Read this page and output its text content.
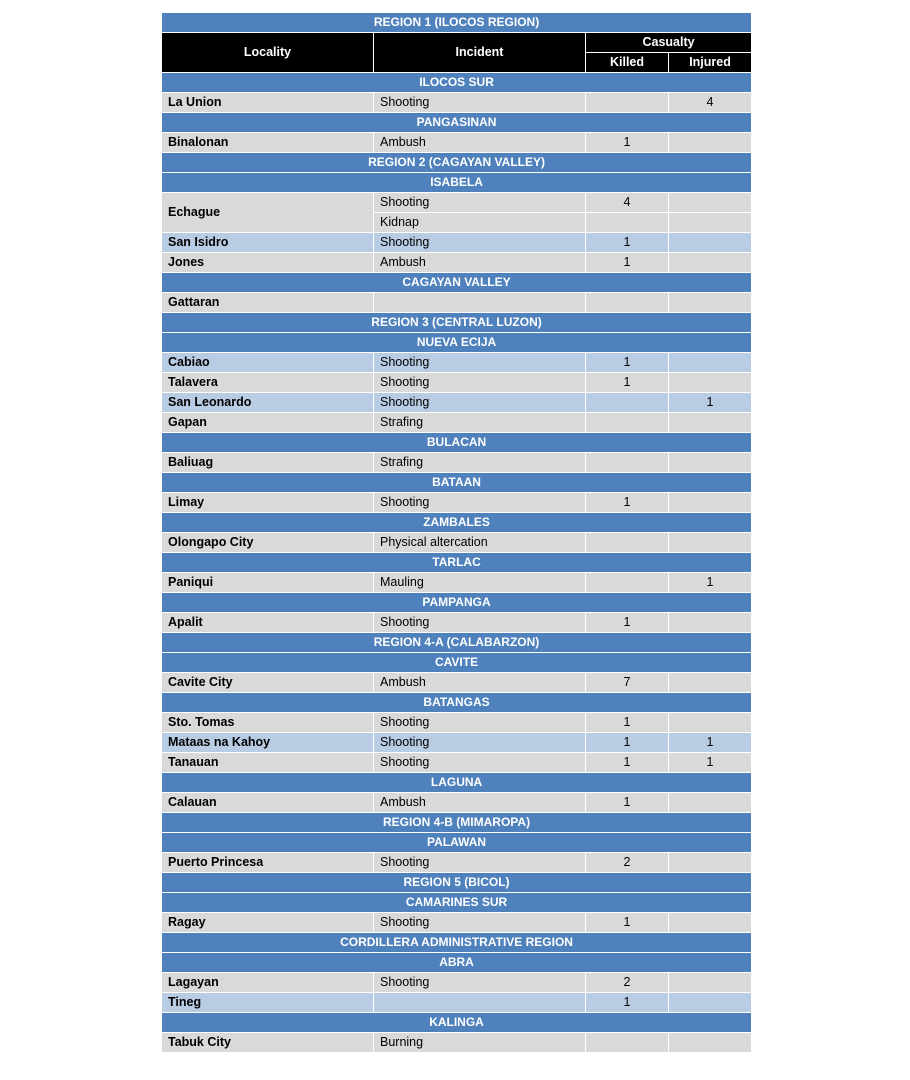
REGION 1 (ILOCOS REGION)			
Locality	Incident	Casualty	
		Killed	Injured
ILOCOS SUR			
La Union	Shooting		4
PANGASINAN			
Binalonan	Ambush	1	
REGION 2 (CAGAYAN VALLEY)			
ISABELA			
Echague	Shooting	4	
	Kidnap		
San Isidro	Shooting	1	
Jones	Ambush	1	
CAGAYAN VALLEY			
Gattaran			
REGION 3 (CENTRAL LUZON)			
NUEVA ECIJA			
Cabiao	Shooting	1	
Talavera	Shooting	1	
San Leonardo	Shooting		1
Gapan	Strafing		
BULACAN			
Baliuag	Strafing		
BATAAN			
Limay	Shooting	1	
ZAMBALES			
Olongapo City	Physical altercation		
TARLAC			
Paniqui	Mauling		1
PAMPANGA			
Apalit	Shooting	1	
REGION 4-A (CALABARZON)			
CAVITE			
Cavite City	Ambush	7	
BATANGAS			
Sto. Tomas	Shooting	1	
Mataas na Kahoy	Shooting	1	1
Tanauan	Shooting	1	1
LAGUNA			
Calauan	Ambush	1	
REGION 4-B (MIMAROPA)			
PALAWAN			
Puerto Princesa	Shooting	2	
REGION 5 (BICOL)			
CAMARINES SUR			
Ragay	Shooting	1	
CORDILLERA ADMINISTRATIVE REGION			
ABRA			
Lagayan	Shooting	2	
Tineg		1	
KALINGA			
Tabuk City	Burning		
